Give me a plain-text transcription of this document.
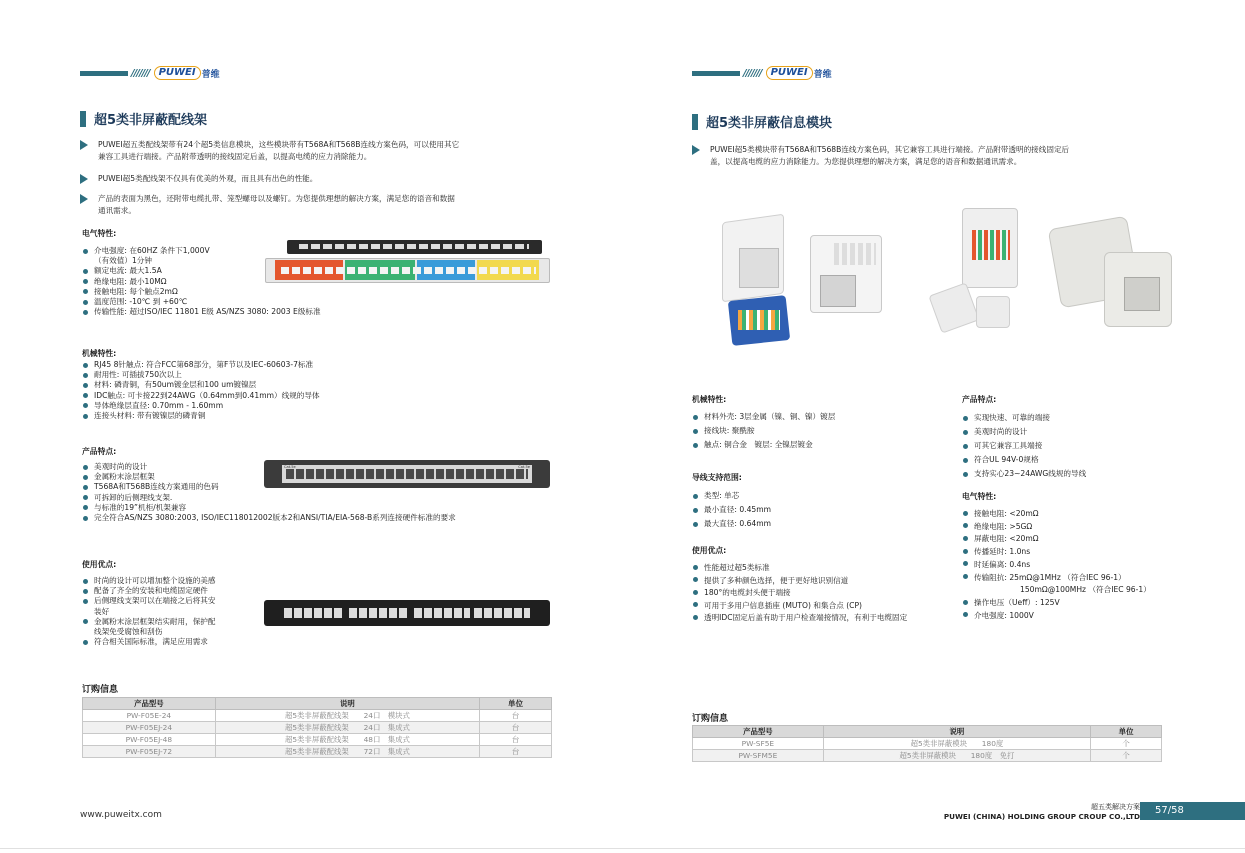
/////// PUWEI 普维
超5类非屏蔽配线架
PUWEI超五类配线架带有24个超5类信息模块，这些模块带有T568A和T568B连线方案色码，可以使用其它
兼容工具进行端接。产品附带透明的接线固定后盖，以提高电缆的应力消除能力。
PUWEI超5类配线架不仅具有优美的外观，而且具有出色的性能。
产品的表面为黑色，还附带电缆扎带、笼型螺母以及螺钉。为您提供理想的解决方案，满足您的语音和数据
通讯需求。
电气特性:
介电强度: 在60HZ 条件下1,000V
（有效值）1分钟
额定电流: 最大1.5A
绝缘电阻: 最小10MΩ
接触电阻: 每个触点2mΩ
温度范围: -10℃ 到 +60℃
传输性能: 超过ISO/IEC 11801 E级 AS/NZS 3080: 2003 E级标准
机械特性:
RJ45 8针触点: 符合FCC第68部分，第F节以及IEC-60603-7标准
耐用性: 可插拔750次以上
材料: 磷青铜，有50um镀金层和100 um镀镍层
IDC触点: 可卡接22到24AWG（0.64mm到0.41mm）线规的导体
导体绝缘层直径: 0.70mm - 1.60mm
连接头材料: 带有镀镍层的磷青铜
产品特点:
美观时尚的设计
金属粉末涂层框架
T568A和T568B连线方案通用的色码
可拆卸的后侧理线支架.
与标准的19”机柜/机架兼容
完全符合AS/NZS 3080:2003, ISO/IEC118012002版本2和ANSI/TIA/EIA-568-B系列连接硬件标准的要求
Cat.5e	Cat.5e
使用优点:
时尚的设计可以增加整个设施的美感
配备了齐全的安装和电缆固定硬件
后侧理线支架可以在端接之后将其安
装好
金属粉末涂层框架结实耐用，保护配
线架免受腐蚀和刮伤
符合相关国际标准，满足应用需求
订购信息
产品型号	说明	单位
PW-F05E-24	超5类非屏蔽配线架　　24口　模块式	台
PW-F05EJ-24	超5类非屏蔽配线架　　24口　集成式	台
PW-F05EJ-48	超5类非屏蔽配线架　　48口　集成式	台
PW-F05EJ-72	超5类非屏蔽配线架　　72口　集成式	台
/////// PUWEI 普维
超5类非屏蔽信息模块
PUWEI超5类模块带有T568A和T568B连线方案色码，其它兼容工具进行端接。产品附带透明的接线固定后
盖，以提高电缆的应力消除能力。为您提供理想的解决方案，满足您的语音和数据通讯需求。
机械特性:
材料外壳: 3层金属（镍、铜、镍）镀层
接线块: 聚酰胺
触点: 铜合金　镀层: 全镍层镀金
导线支持范围:
类型: 单芯
最小直径: 0.45mm
最大直径: 0.64mm
使用优点:
性能超过超5类标准
提供了多种颜色选择，便于更好地识别信道
180°的电缆封头便于端接
可用于多用户信息插座 (MUTO) 和集合点 (CP)
透明IDC固定后盖有助于用户检查端接情况，有利于电缆固定
产品特点:
实现快速、可靠的端接
美观时尚的设计
可其它兼容工具端接
符合UL 94V-0规格
支持实心23~24AWG线规的导线
电气特性:
接触电阻: <20mΩ
绝缘电阻: >5GΩ
屏蔽电阻: <20mΩ
传播延时: 1.0ns
时延偏离: 0.4ns
传输阻抗: 25mΩ@1MHz （符合IEC 96-1）
150mΩ@100MHz （符合IEC 96-1）
操作电压（Ueff）: 125V
介电强度: 1000V
订购信息
产品型号	说明	单位
PW-SF5E	超5类非屏蔽模块　　180度	个
PW-SFM5E	超5类非屏蔽模块　　180度　免打	个
www.puweitx.com
超五类解决方案
PUWEI (CHINA) HOLDING GROUP CROUP CO.,LTD
57/58
